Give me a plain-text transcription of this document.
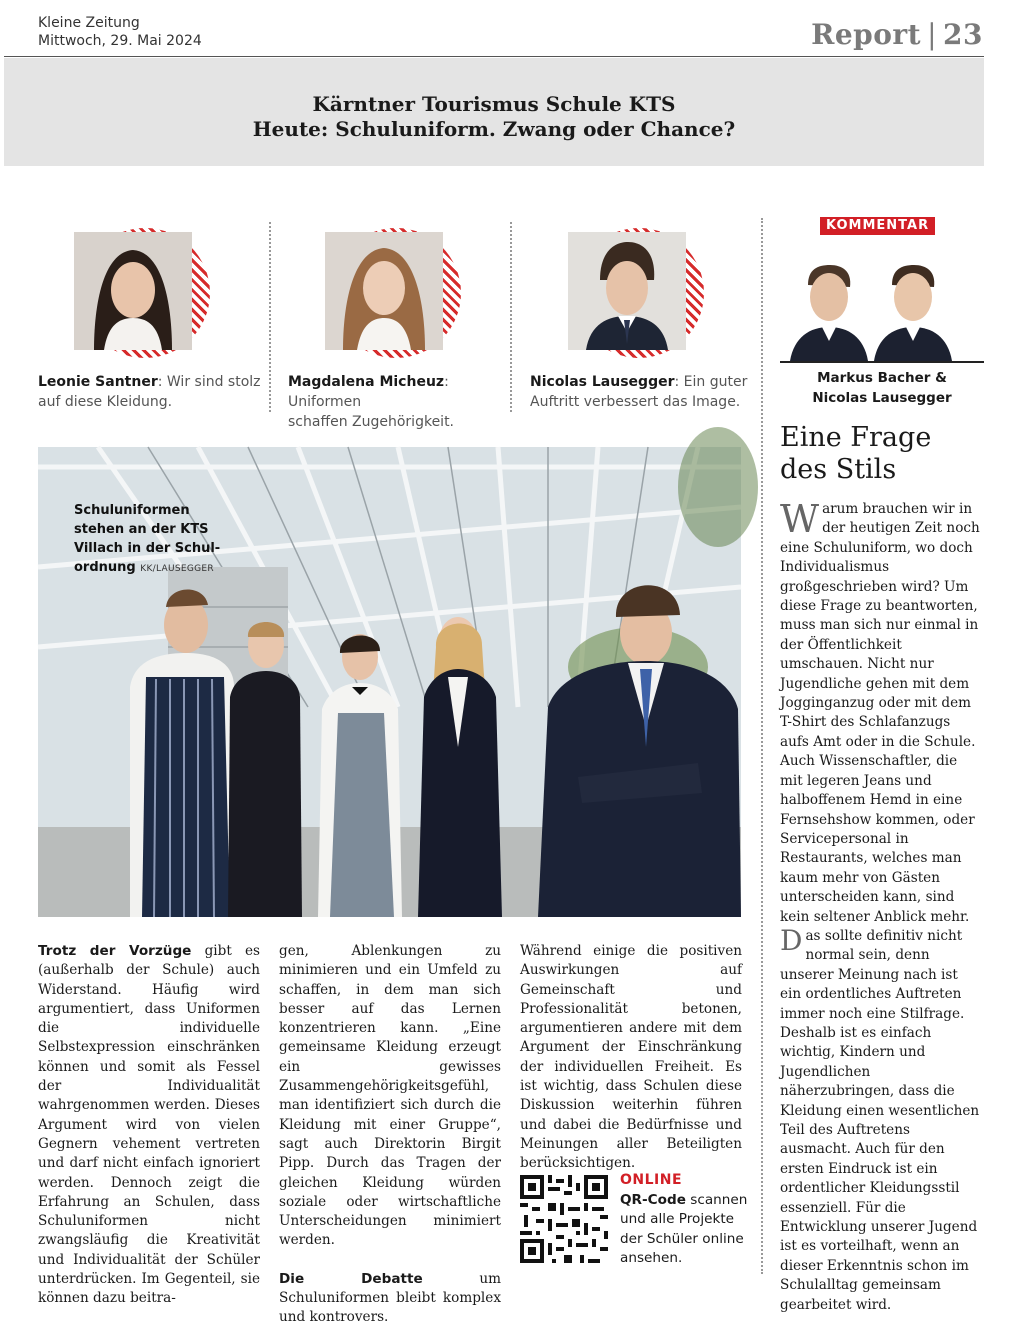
Kleine Zeitung
Mittwoch, 29. Mai 2024	Report | 23
Kärntner Tourismus Schule KTS
Heute: Schuluniform. Zwang oder Chance?
Leonie Santner: Wir sind stolz
auf diese Kleidung.
Magdalena Micheuz: Uniformen
schaffen Zugehörigkeit.
Nicolas Lausegger: Ein guter
Auftritt verbessert das Image.
KOMMENTAR
Markus Bacher &
Nicolas Lausegger
Eine Frage
des Stils

Warum brauchen wir in der heutigen Zeit noch eine Schuluniform, wo doch Individualismus großgeschrieben wird? Um diese Frage zu beantworten, muss man sich nur einmal in der Öffentlichkeit umschauen. Nicht nur Jugendliche gehen mit dem Jogginganzug oder mit dem T-Shirt des Schlafanzugs aufs Amt oder in die Schule. Auch Wissenschaftler, die mit legeren Jeans und halboffenem Hemd in eine Fernsehshow kommen, oder Servicepersonal in Restaurants, welches man kaum mehr von Gästen unterscheiden kann, sind kein seltener Anblick mehr.

Das sollte definitiv nicht normal sein, denn unserer Meinung nach ist ein ordentliches Auftreten immer noch eine Stilfrage. Deshalb ist es einfach wichtig, Kindern und Jugendlichen näherzubringen, dass die Kleidung einen wesentlichen Teil des Auftretens ausmacht. Auch für den ersten Eindruck ist ein ordentlicher Kleidungsstil essenziell. Für die Entwicklung unserer Jugend ist es vorteilhaft, wenn an dieser Erkenntnis schon im Schulalltag gemeinsam gearbeitet wird.

Schuluniformen
stehen an der KTS
Villach in der Schul-
ordnung KK/LAUSEGGER
Trotz der Vorzüge gibt es (außerhalb der Schule) auch Widerstand. Häufig wird argumentiert, dass Uniformen die individuelle Selbstexpression einschränken können und somit als Fessel der Individualität wahrgenommen werden. Dieses Argument wird von vielen Gegnern vehement vertreten und darf nicht einfach ignoriert werden. Dennoch zeigt die Erfahrung an Schulen, dass Schuluniformen nicht zwangsläufig die Kreativität und Individualität der Schüler unterdrücken. Im Gegenteil, sie können dazu beitra-
gen, Ablenkungen zu minimieren und ein Umfeld zu schaffen, in dem man sich besser auf das Lernen konzentrieren kann. „Eine gemeinsame Kleidung erzeugt ein gewisses Zusammengehörigkeitsgefühl, man identifiziert sich durch die Kleidung mit einer Gruppe“, sagt auch Direktorin Birgit Pipp. Durch das Tragen der gleichen Kleidung würden soziale oder wirtschaftliche Unterscheidungen minimiert werden.

Die Debatte um Schuluniformen bleibt komplex und kontrovers.

Während einige die positiven Auswirkungen auf Gemeinschaft und Professionalität betonen, argumentieren andere mit dem Argument der Einschränkung der individuellen Freiheit. Es ist wichtig, dass Schulen diese Diskussion weiterhin führen und dabei die Bedürfnisse und Meinungen aller Beteiligten berücksichtigen.
ONLINE
QR-Code scannen und alle Projekte der Schüler online ansehen.
